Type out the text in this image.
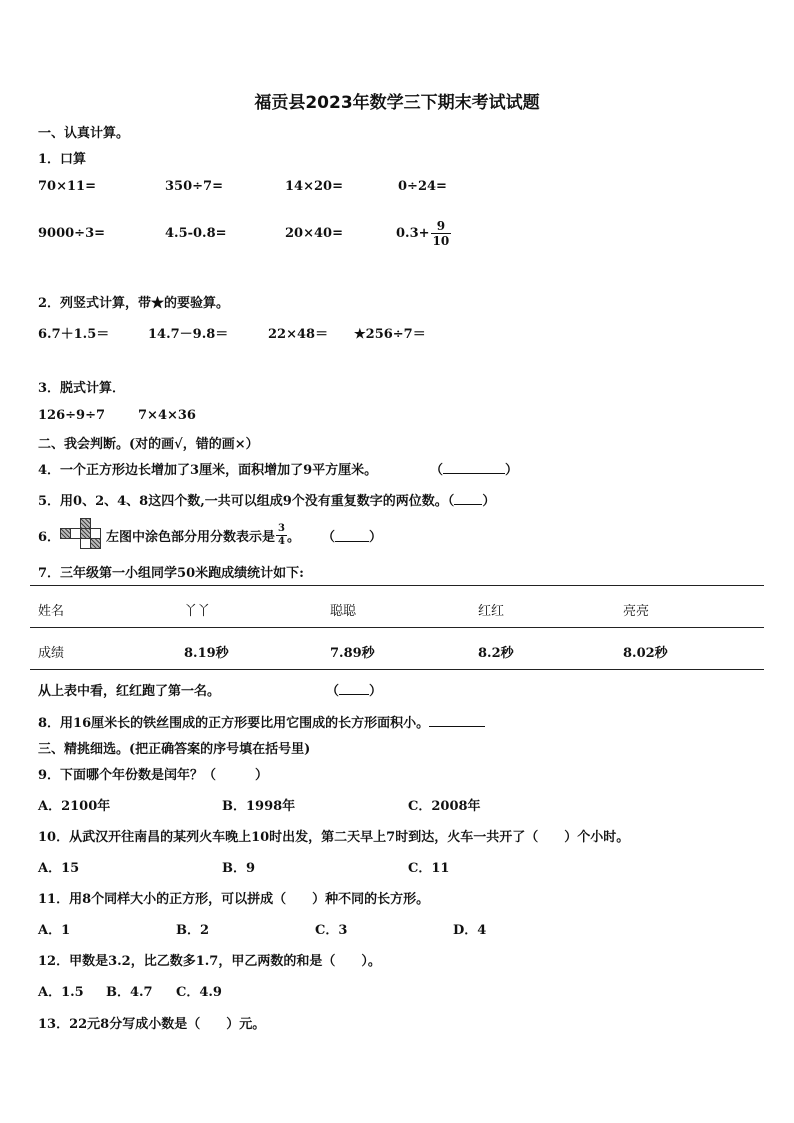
福贡县2023年数学三下期末考试试题
一、认真计算。
1．口算
70×11=	350÷7=	14×20=	0÷24=
9000÷3=	4.5-0.8=	20×40=	$0.3+ \frac{9}{10}$
2．列竖式计算，带★的要验算。
6.7＋1.5＝	14.7－9.8＝	22×48＝ ★256÷7＝
3．脱式计算．
126÷9÷7	7×4×36
二、我会判断。(对的画√，错的画×）
4．一个正方形边长增加了3厘米，面积增加了9平方厘米。	（	）
5．用0、2、4、8这四个数,一共可以组成9个没有重复数字的两位数。（ ）
6．	左图中涂色部分用分数表示是 $\frac{3}{4}$ 。 （	）
7．三年级第一小组同学50米跑成绩统计如下:
姓名	丫丫	聪聪	红红	亮亮
成绩	8.19秒	7.89秒	8.2秒	8.02秒
从上表中看，红红跑了第一名。	（ ）
8．用16厘米长的铁丝围成的正方形要比用它围成的长方形面积小。
三、精挑细选。(把正确答案的序号填在括号里)
9．下面哪个年份数是闰年？（　　　）
A．2100年	B．1998年	C．2008年
10．从武汉开往南昌的某列火车晚上10时出发，第二天早上7时到达，火车一共开了（　　）个小时。
A．15	B．9	C．11
11．用8个同样大小的正方形，可以拼成（　　）种不同的长方形。
A．1	B．2	C．3	D．4
12．甲数是3.2，比乙数多1.7，甲乙两数的和是（　　）。
A．1.5 B．4.7 C．4.9
13．22元8分写成小数是（　　）元。
